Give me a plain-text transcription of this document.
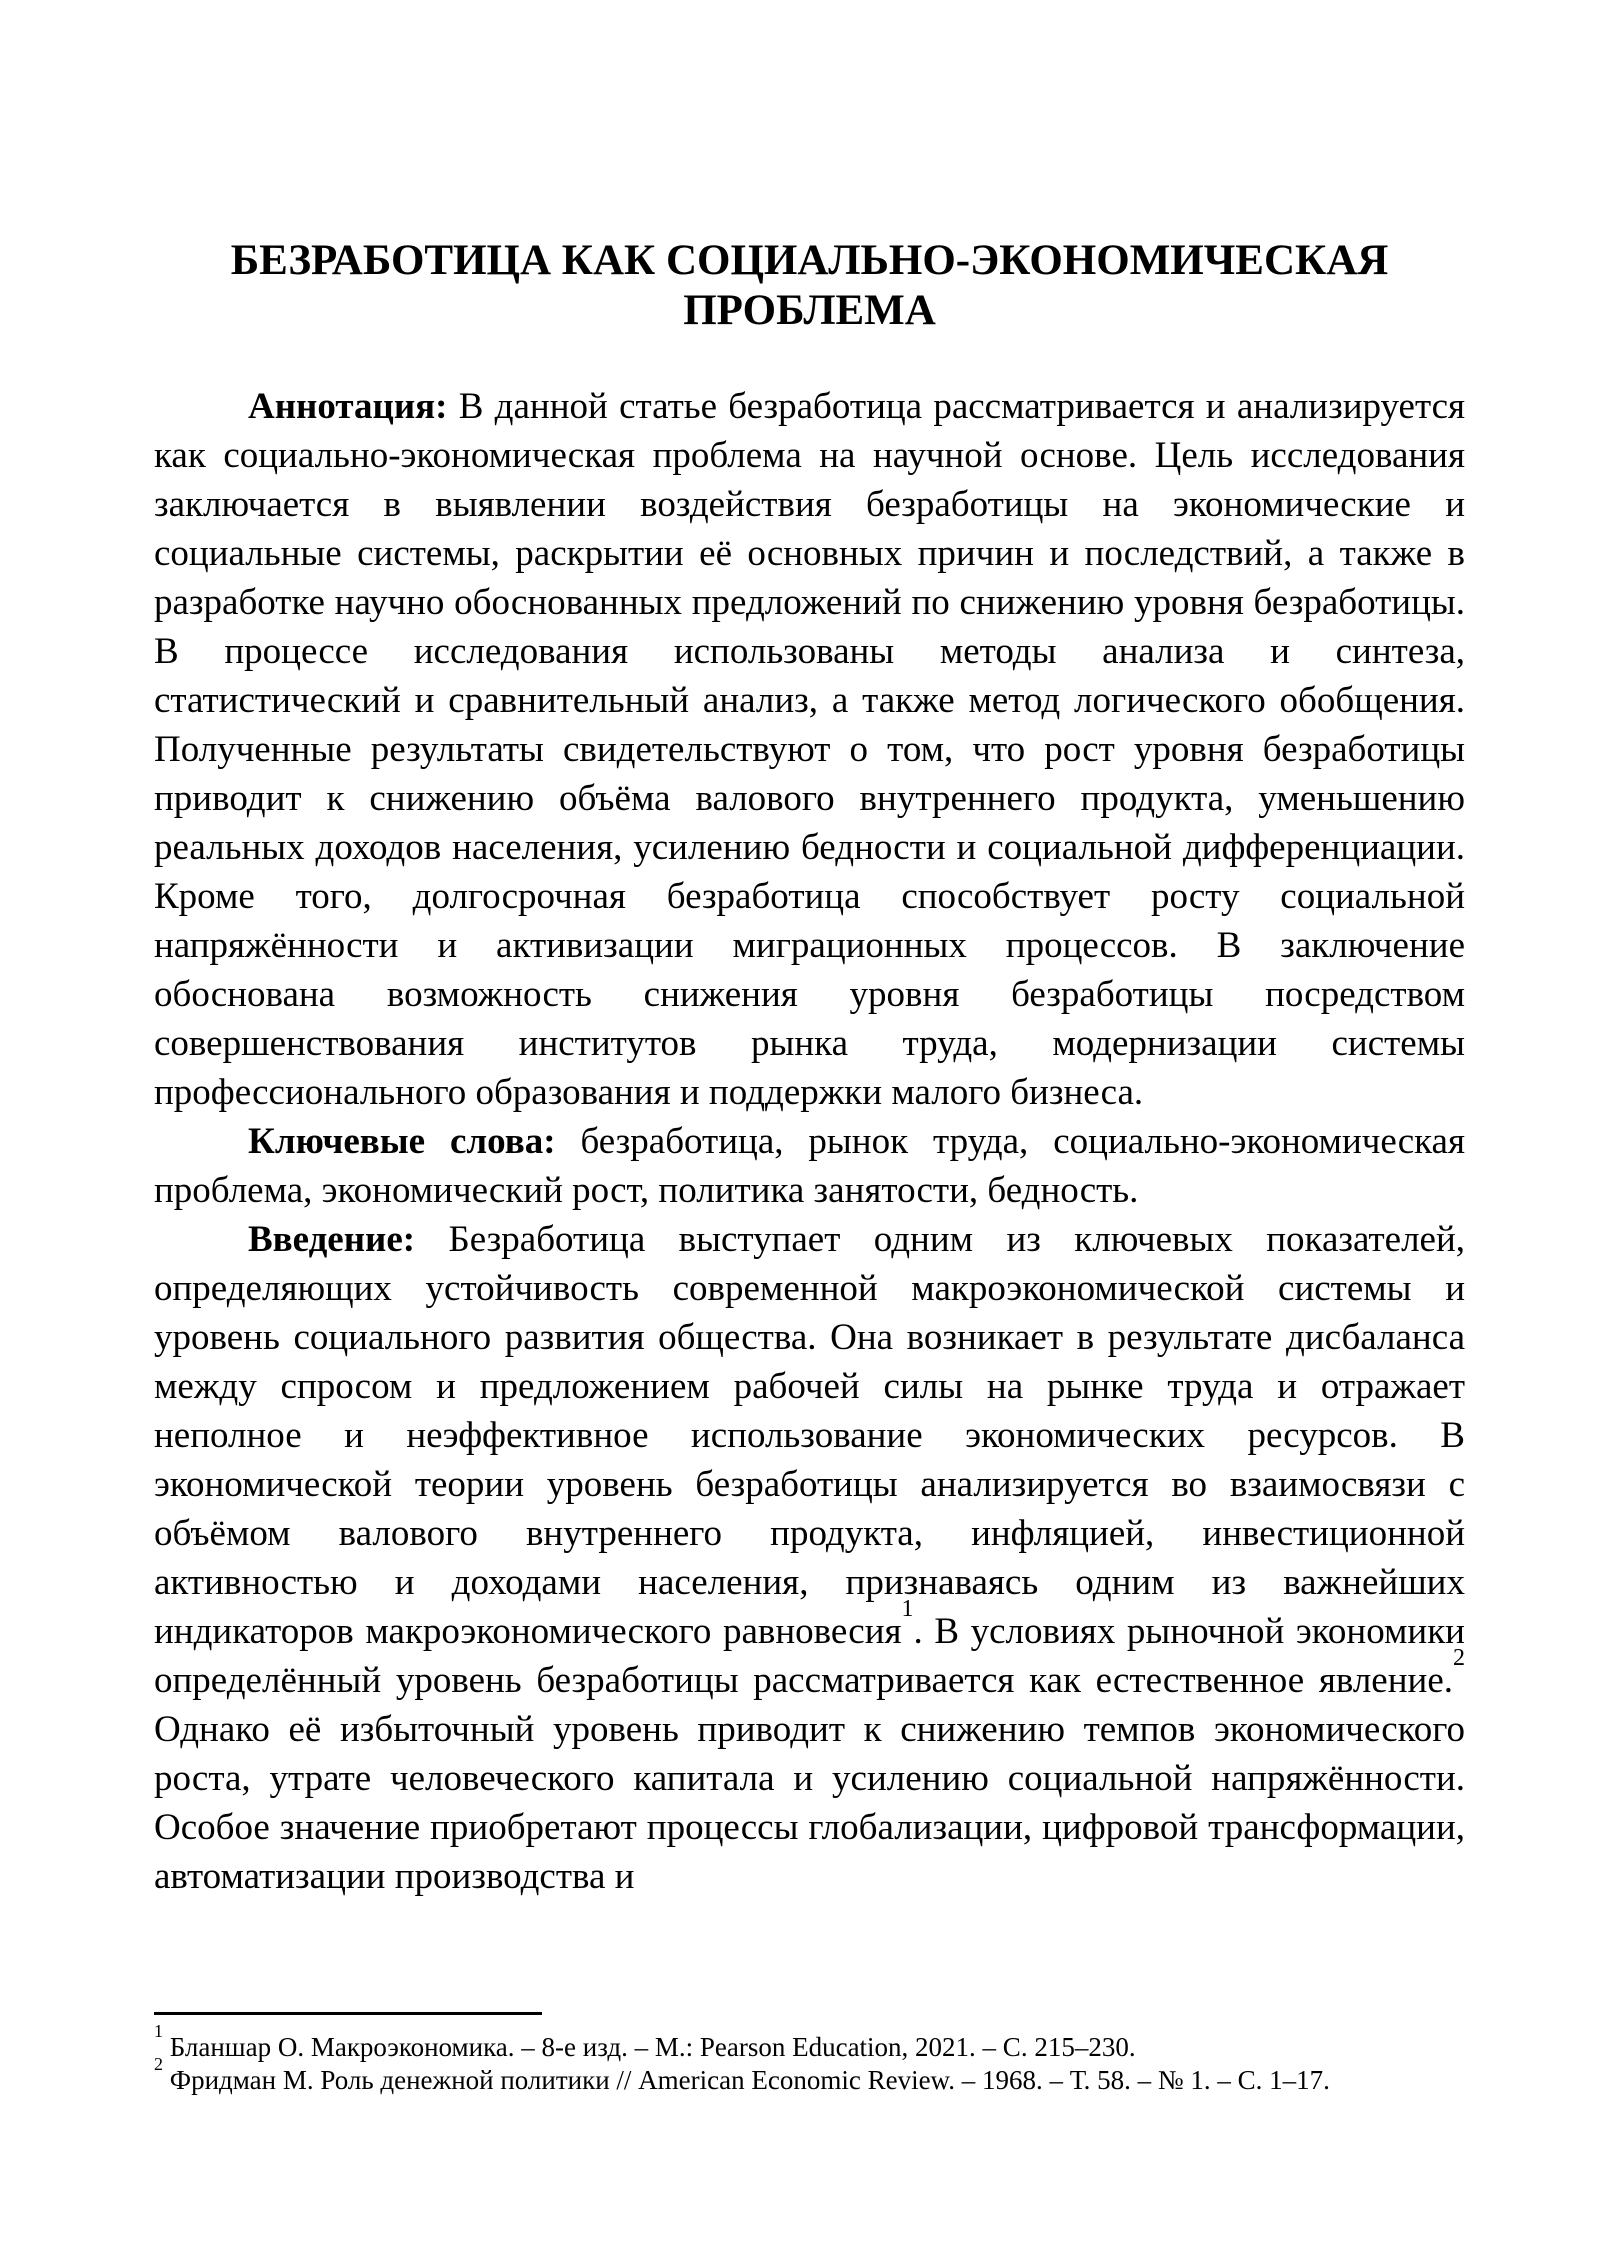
БЕЗРАБОТИЦА КАК СОЦИАЛЬНО-ЭКОНОМИЧЕСКАЯ
ПРОБЛЕМА

Аннотация: В данной статье безработица рассматривается и анализируется как социально-экономическая проблема на научной основе. Цель исследования заключается в выявлении воздействия безработицы на экономические и социальные системы, раскрытии её основных причин и последствий, а также в разработке научно обоснованных предложений по снижению уровня безработицы. В процессе исследования использованы методы анализа и синтеза, статистический и сравнительный анализ, а также метод логического обобщения. Полученные результаты свидетельствуют о том, что рост уровня безработицы приводит к снижению объёма валового внутреннего продукта, уменьшению реальных доходов населения, усилению бедности и социальной дифференциации. Кроме того, долгосрочная безработица способствует росту социальной напряжённости и активизации миграционных процессов. В заключение обоснована возможность снижения уровня безработицы посредством совершенствования институтов рынка труда, модернизации системы профессионального образования и поддержки малого бизнеса.

Ключевые слова: безработица, рынок труда, социально-экономическая проблема, экономический рост, политика занятости, бедность.

Введение: Безработица выступает одним из ключевых показателей, определяющих устойчивость современной макроэкономической системы и уровень социального развития общества. Она возникает в результате дисбаланса между спросом и предложением рабочей силы на рынке труда и отражает неполное и неэффективное использование экономических ресурсов. В экономической теории уровень безработицы анализируется во взаимосвязи с объёмом валового внутреннего продукта, инфляцией, инвестиционной активностью и доходами населения, признаваясь одним из важнейших индикаторов макроэкономического равновесия$^1$. В условиях рыночной экономики определённый уровень безработицы рассматривается как естественное явление.$^2$ Однако её избыточный уровень приводит к снижению темпов экономического роста, утрате человеческого капитала и усилению социальной напряжённости. Особое значение приобретают процессы глобализации, цифровой трансформации, автоматизации производства и

$^1$ Бланшар О. Макроэкономика. – 8-е изд. – М.: Pearson Education, 2021. – С. 215–230.
$^2$ Фридман М. Роль денежной политики // American Economic Review. – 1968. – Т. 58. – № 1. – С. 1–17.
